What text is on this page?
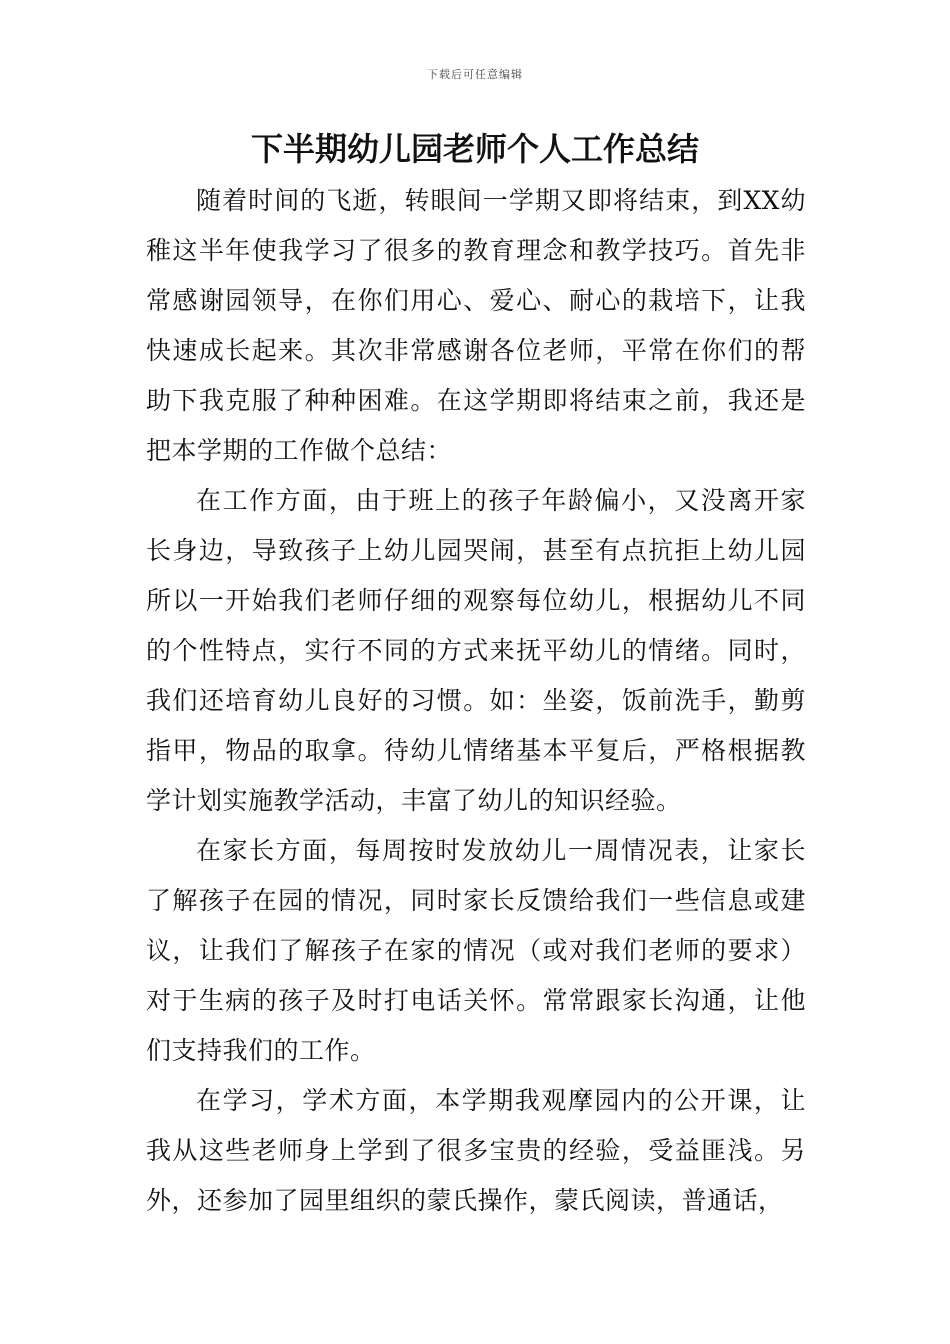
下载后可任意编辑
下半期幼儿园老师个人工作总结

随着时间的飞逝，转眼间一学期又即将结束，到XX幼稚这半年使我学习了很多的教育理念和教学技巧。首先非常感谢园领导，在你们用心、爱心、耐心的栽培下，让我快速成长起来。其次非常感谢各位老师，平常在你们的帮助下我克服了种种困难。在这学期即将结束之前，我还是把本学期的工作做个总结：

在工作方面，由于班上的孩子年龄偏小，又没离开家长身边，导致孩子上幼儿园哭闹，甚至有点抗拒上幼儿园所以一开始我们老师仔细的观察每位幼儿，根据幼儿不同的个性特点，实行不同的方式来抚平幼儿的情绪。同时，我们还培育幼儿良好的习惯。如：坐姿，饭前洗手，勤剪指甲，物品的取拿。待幼儿情绪基本平复后，严格根据教学计划实施教学活动，丰富了幼儿的知识经验。

在家长方面，每周按时发放幼儿一周情况表，让家长了解孩子在园的情况，同时家长反馈给我们一些信息或建议，让我们了解孩子在家的情况（或对我们老师的要求）对于生病的孩子及时打电话关怀。常常跟家长沟通，让他们支持我们的工作。

在学习，学术方面，本学期我观摩园内的公开课，让我从这些老师身上学到了很多宝贵的经验，受益匪浅。另外，还参加了园里组织的蒙氏操作，蒙氏阅读，普通话，
